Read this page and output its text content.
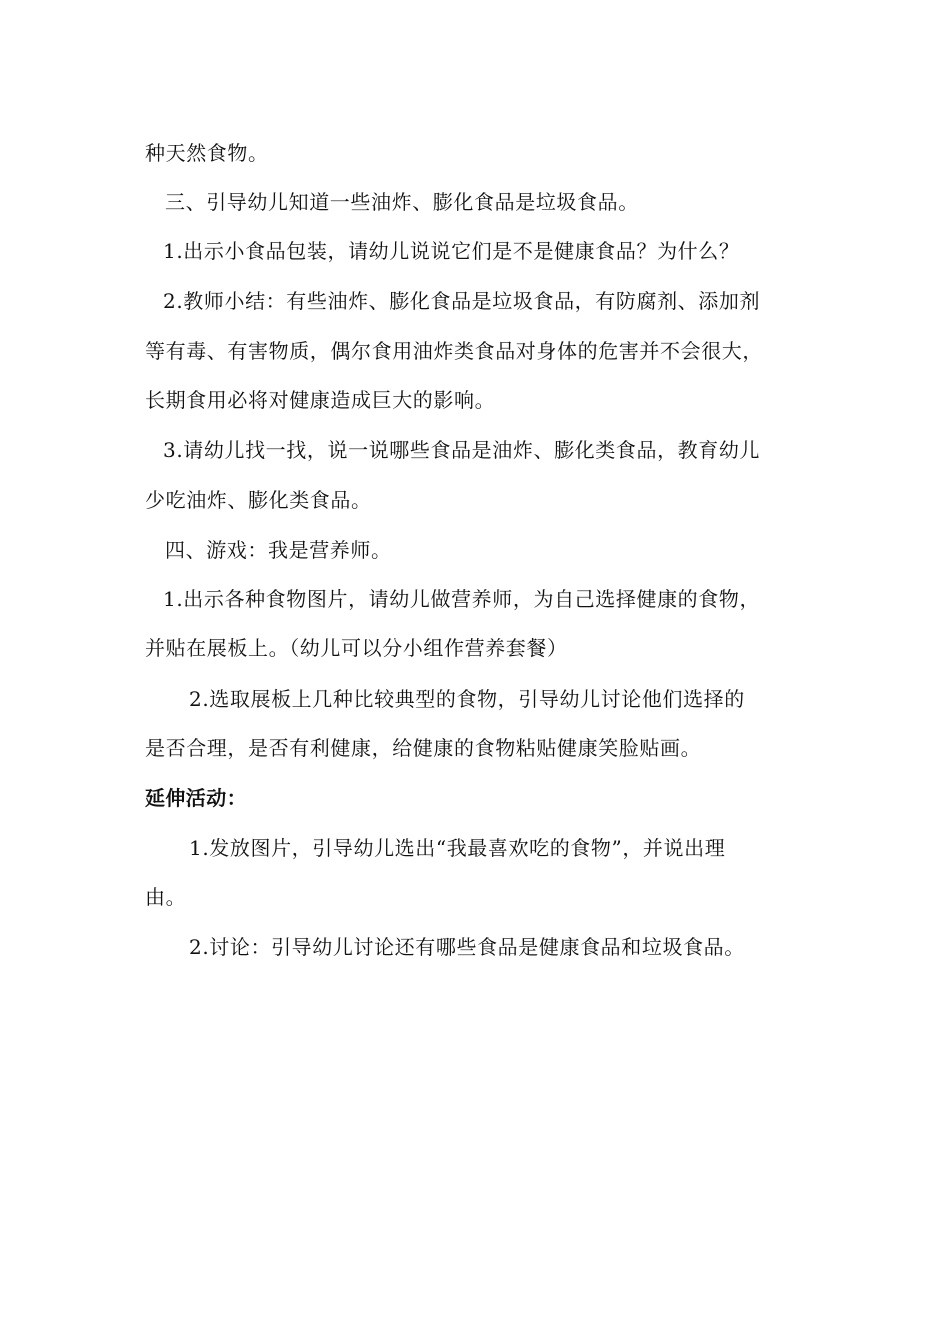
种天然食物。
三、引导幼儿知道一些油炸、膨化食品是垃圾食品。
1.出示小食品包装，请幼儿说说它们是不是健康食品？为什么？
2.教师小结：有些油炸、膨化食品是垃圾食品，有防腐剂、添加剂
等有毒、有害物质，偶尔食用油炸类食品对身体的危害并不会很大，
长期食用必将对健康造成巨大的影响。
3.请幼儿找一找，说一说哪些食品是油炸、膨化类食品，教育幼儿
少吃油炸、膨化类食品。
四、游戏：我是营养师。
1.出示各种食物图片，请幼儿做营养师，为自己选择健康的食物，
并贴在展板上。（幼儿可以分小组作营养套餐）
2.选取展板上几种比较典型的食物，引导幼儿讨论他们选择的
是否合理，是否有利健康，给健康的食物粘贴健康笑脸贴画。
延伸活动：
1.发放图片，引导幼儿选出“我最喜欢吃的食物”，并说出理
由。
2.讨论：引导幼儿讨论还有哪些食品是健康食品和垃圾食品。
